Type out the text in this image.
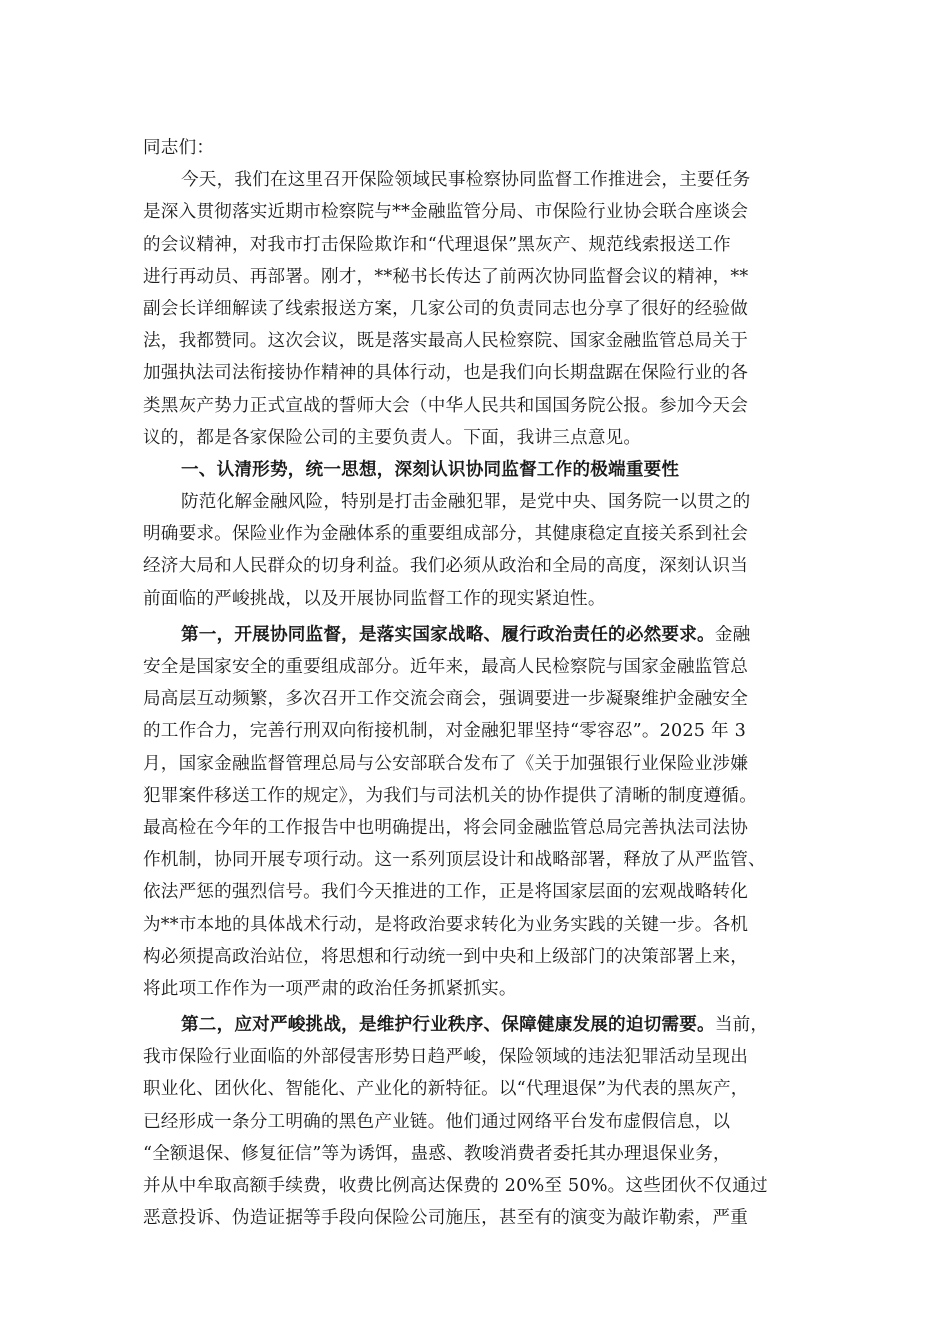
同志们：
今天，我们在这里召开保险领域民事检察协同监督工作推进会，主要任务
是深入贯彻落实近期市检察院与**金融监管分局、市保险行业协会联合座谈会
的会议精神，对我市打击保险欺诈和“代理退保”黑灰产、规范线索报送工作
进行再动员、再部署。刚才，**秘书长传达了前两次协同监督会议的精神，**
副会长详细解读了线索报送方案，几家公司的负责同志也分享了很好的经验做
法，我都赞同。这次会议，既是落实最高人民检察院、国家金融监管总局关于
加强执法司法衔接协作精神的具体行动，也是我们向长期盘踞在保险行业的各
类黑灰产势力正式宣战的誓师大会（中华人民共和国国务院公报。参加今天会
议的，都是各家保险公司的主要负责人。下面，我讲三点意见。
一、认清形势，统一思想，深刻认识协同监督工作的极端重要性
防范化解金融风险，特别是打击金融犯罪，是党中央、国务院一以贯之的
明确要求。保险业作为金融体系的重要组成部分，其健康稳定直接关系到社会
经济大局和人民群众的切身利益。我们必须从政治和全局的高度，深刻认识当
前面临的严峻挑战，以及开展协同监督工作的现实紧迫性。
第一，开展协同监督，是落实国家战略、履行政治责任的必然要求。金融
安全是国家安全的重要组成部分。近年来，最高人民检察院与国家金融监管总
局高层互动频繁，多次召开工作交流会商会，强调要进一步凝聚维护金融安全
的工作合力，完善行刑双向衔接机制，对金融犯罪坚持“零容忍”。2025 年 3
月，国家金融监督管理总局与公安部联合发布了《关于加强银行业保险业涉嫌
犯罪案件移送工作的规定》，为我们与司法机关的协作提供了清晰的制度遵循。
最高检在今年的工作报告中也明确提出，将会同金融监管总局完善执法司法协
作机制，协同开展专项行动。这一系列顶层设计和战略部署，释放了从严监管、
依法严惩的强烈信号。我们今天推进的工作，正是将国家层面的宏观战略转化
为**市本地的具体战术行动，是将政治要求转化为业务实践的关键一步。各机
构必须提高政治站位，将思想和行动统一到中央和上级部门的决策部署上来，
将此项工作作为一项严肃的政治任务抓紧抓实。
第二，应对严峻挑战，是维护行业秩序、保障健康发展的迫切需要。当前，
我市保险行业面临的外部侵害形势日趋严峻，保险领域的违法犯罪活动呈现出
职业化、团伙化、智能化、产业化的新特征。以“代理退保”为代表的黑灰产，
已经形成一条分工明确的黑色产业链。他们通过网络平台发布虚假信息，以
“全额退保、修复征信”等为诱饵，蛊惑、教唆消费者委托其办理退保业务，
并从中牟取高额手续费，收费比例高达保费的 20%至 50%。这些团伙不仅通过
恶意投诉、伪造证据等手段向保险公司施压，甚至有的演变为敲诈勒索，严重
